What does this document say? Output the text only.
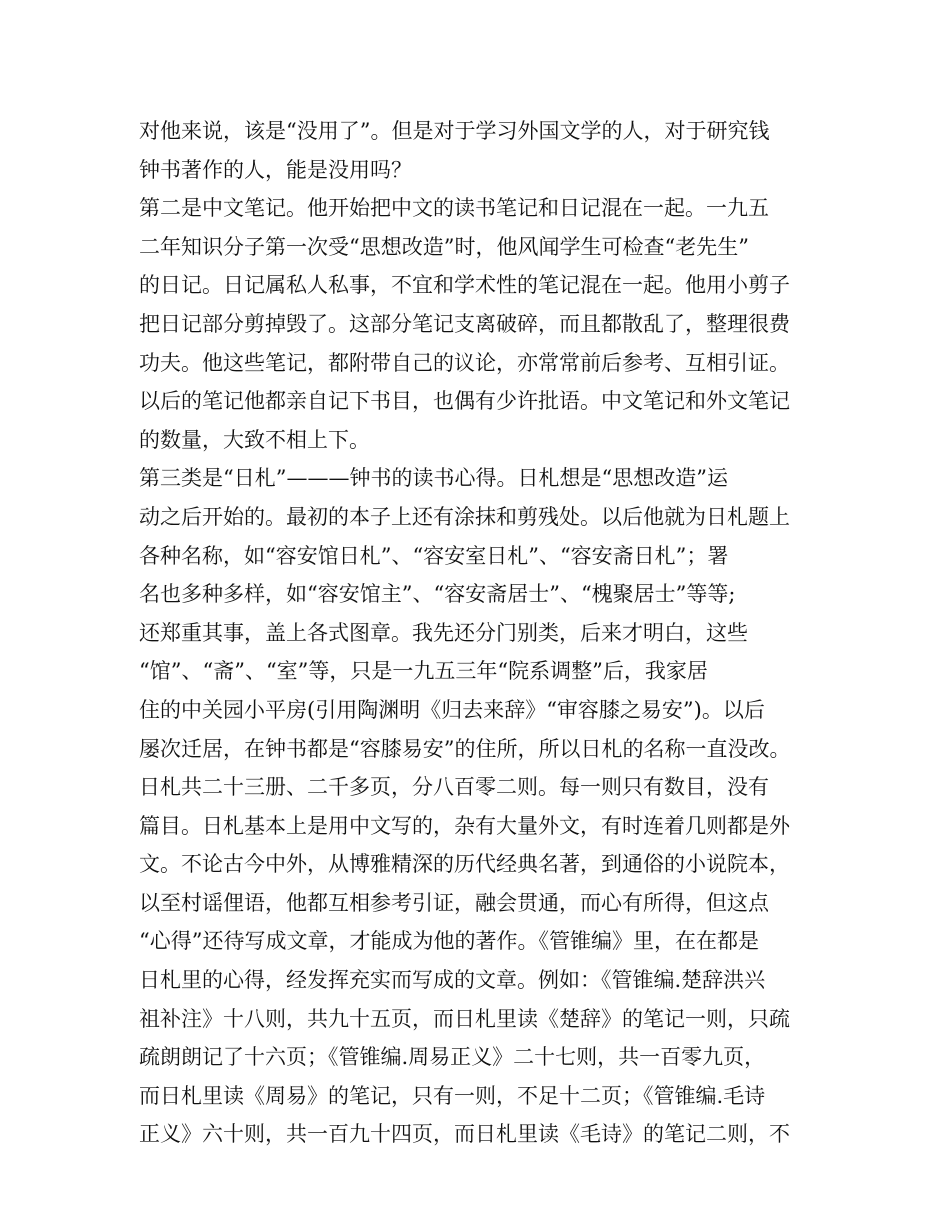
对他来说，该是“没用了”。但是对于学习外国文学的人，对于研究钱
钟书著作的人，能是没用吗？
第二是中文笔记。他开始把中文的读书笔记和日记混在一起。一九五
二年知识分子第一次受“思想改造”时，他风闻学生可检查“老先生”
的日记。日记属私人私事，不宜和学术性的笔记混在一起。他用小剪子
把日记部分剪掉毁了。这部分笔记支离破碎，而且都散乱了，整理很费
功夫。他这些笔记，都附带自己的议论，亦常常前后参考、互相引证。
以后的笔记他都亲自记下书目，也偶有少许批语。中文笔记和外文笔记
的数量，大致不相上下。
第三类是“日札”———钟书的读书心得。日札想是“思想改造”运
动之后开始的。最初的本子上还有涂抹和剪残处。以后他就为日札题上
各种名称，如“容安馆日札”、“容安室日札”、“容安斋日札”；署
名也多种多样，如“容安馆主”、“容安斋居士”、“槐聚居士”等等;
还郑重其事，盖上各式图章。我先还分门别类，后来才明白，这些
“馆”、“斋”、“室”等，只是一九五三年“院系调整”后，我家居
住的中关园小平房(引用陶渊明《归去来辞》“审容膝之易安”)。以后
屡次迁居，在钟书都是“容膝易安”的住所，所以日札的名称一直没改。
日札共二十三册、二千多页，分八百零二则。每一则只有数目，没有
篇目。日札基本上是用中文写的，杂有大量外文，有时连着几则都是外
文。不论古今中外，从博雅精深的历代经典名著，到通俗的小说院本，
以至村谣俚语，他都互相参考引证，融会贯通，而心有所得，但这点
“心得”还待写成文章，才能成为他的著作。《管锥编》里，在在都是
日札里的心得，经发挥充实而写成的文章。例如：《管锥编.楚辞洪兴
祖补注》十八则，共九十五页，而日札里读《楚辞》的笔记一则，只疏
疏朗朗记了十六页；《管锥编.周易正义》二十七则，共一百零九页，
而日札里读《周易》的笔记，只有一则，不足十二页；《管锥编.毛诗
正义》六十则，共一百九十四页，而日札里读《毛诗》的笔记二则，不
